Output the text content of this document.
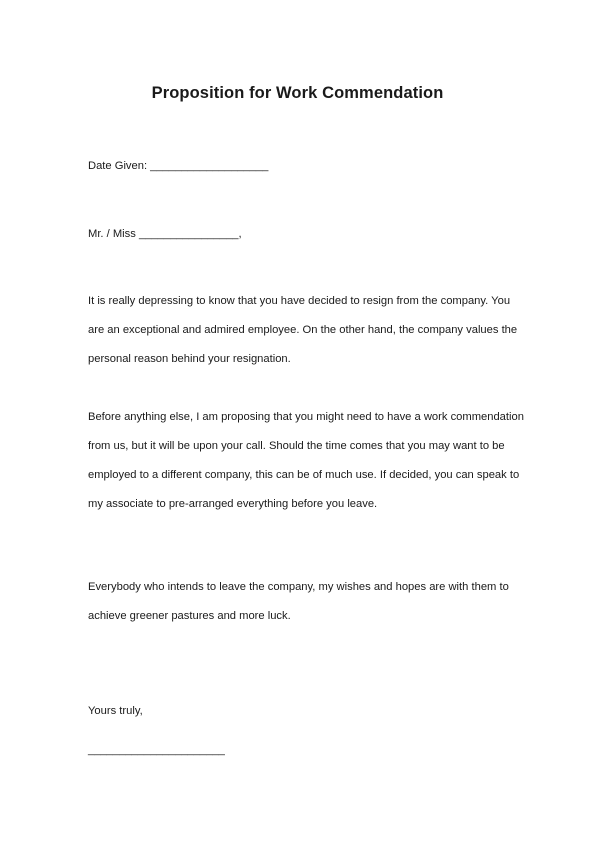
Proposition for Work Commendation
Date Given: ___________________
Mr. / Miss ________________,
It is really depressing to know that you have decided to resign from the company. You are an exceptional and admired employee. On the other hand, the company values the personal reason behind your resignation.
Before anything else, I am proposing that you might need to have a work commendation from us, but it will be upon your call. Should the time comes that you may want to be employed to a different company, this can be of much use. If decided, you can speak to my associate to pre-arranged everything before you leave.
Everybody who intends to leave the company, my wishes and hopes are with them to achieve greener pastures and more luck.
Yours truly,
______________________
